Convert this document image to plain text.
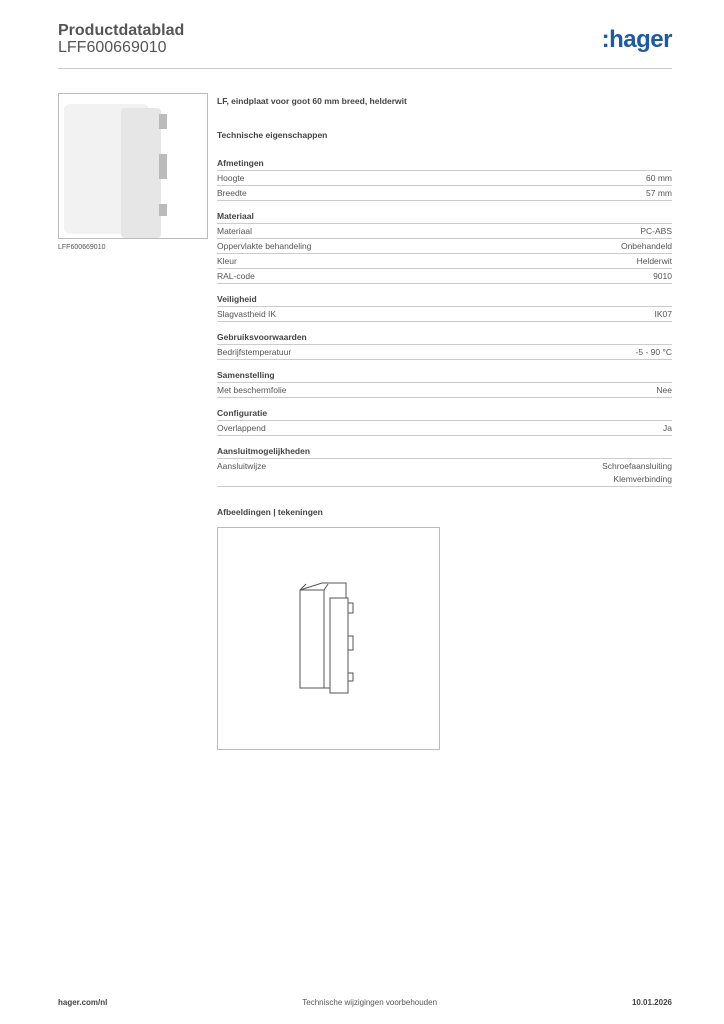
Productdatablad
LFF600669010	:hager
LFF600669010
LF, eindplaat voor goot 60 mm breed, helderwit
Technische eigenschappen
Afmetingen
Hoogte	60 mm
Breedte	57 mm
Materiaal
Materiaal	PC-ABS
Oppervlakte behandeling	Onbehandeld
Kleur	Helderwit
RAL-code	9010
Veiligheid
Slagvastheid IK	IK07
Gebruiksvoorwaarden
Bedrijfstemperatuur	-5 - 90 °C
Samenstelling
Met beschermfolie	Nee
Configuratie
Overlappend	Ja
Aansluitmogelijkheden
Aansluitwijze	Schroefaansluiting
Klemverbinding
Afbeeldingen | tekeningen
hager.com/nl	Technische wijzigingen voorbehouden	10.01.2026
